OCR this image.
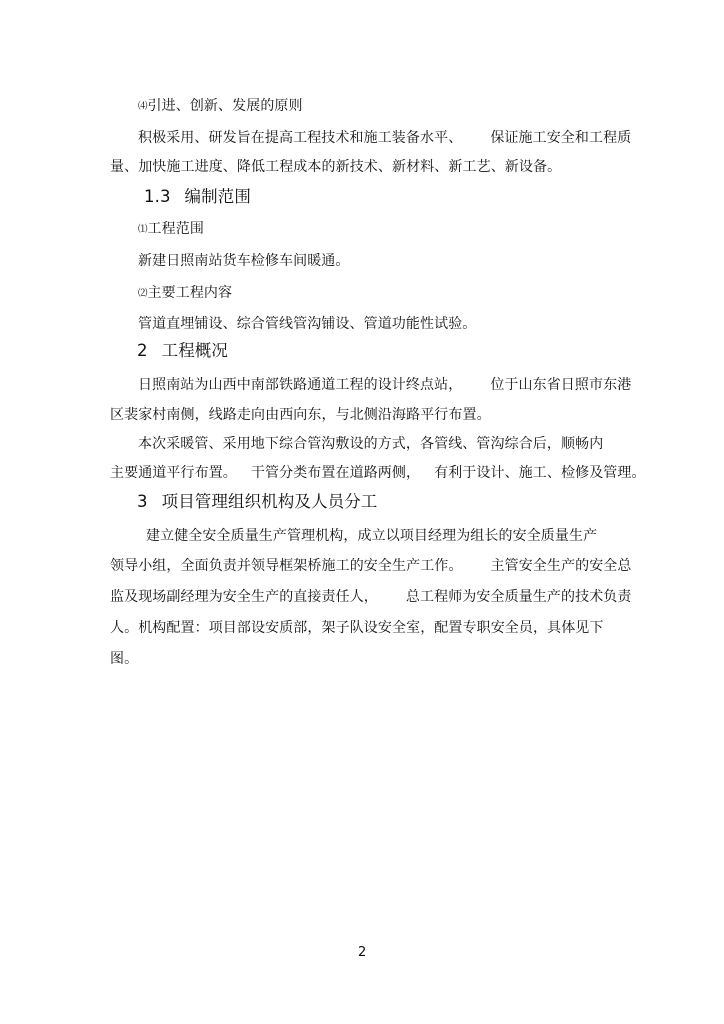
⑷引进、创新、发展的原则
积极采用、研发旨在提高工程技术和施工装备水平、 保证施工安全和工程质
量、加快施工进度、降低工程成本的新技术、新材料、新工艺、新设备。
1.3 编制范围
⑴工程范围
新建日照南站货车检修车间暖通。
⑵主要工程内容
管道直埋铺设、综合管线管沟铺设、管道功能性试验。
2 工程概况
日照南站为山西中南部铁路通道工程的设计终点站， 位于山东省日照市东港
区裴家村南侧，线路走向由西向东，与北侧沿海路平行布置。
本次采暖管、采用地下综合管沟敷设的方式，各管线、管沟综合后，顺畅内
主要通道平行布置。 干管分类布置在道路两侧， 有利于设计、施工、检修及管理。
3 项目管理组织机构及人员分工
建立健全安全质量生产管理机构，成立以项目经理为组长的安全质量生产
领导小组，全面负责并领导框架桥施工的安全生产工作。 主管安全生产的安全总
监及现场副经理为安全生产的直接责任人， 总工程师为安全质量生产的技术负责
人。机构配置：项目部设安质部，架子队设安全室，配置专职安全员，具体见下
图。
2
